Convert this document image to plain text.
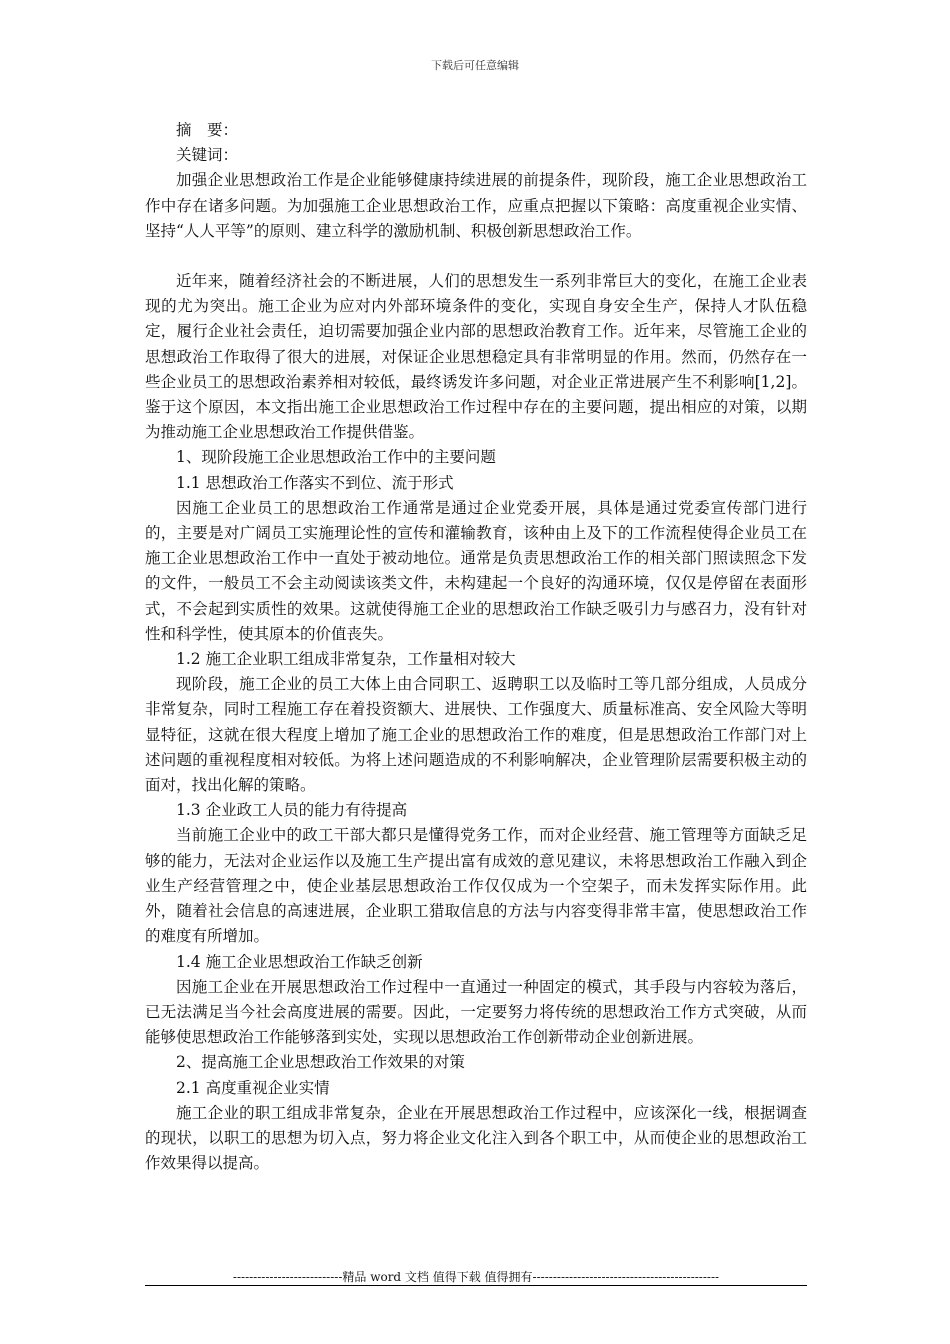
下载后可任意编辑

摘　要：

关键词：

加强企业思想政治工作是企业能够健康持续进展的前提条件，现阶段，施工企业思想政治工作中存在诸多问题。为加强施工企业思想政治工作，应重点把握以下策略：高度重视企业实情、坚持“人人平等”的原则、建立科学的激励机制、积极创新思想政治工作。

近年来，随着经济社会的不断进展，人们的思想发生一系列非常巨大的变化，在施工企业表现的尤为突出。施工企业为应对内外部环境条件的变化，实现自身安全生产，保持人才队伍稳定，履行企业社会责任，迫切需要加强企业内部的思想政治教育工作。近年来，尽管施工企业的思想政治工作取得了很大的进展，对保证企业思想稳定具有非常明显的作用。然而，仍然存在一些企业员工的思想政治素养相对较低，最终诱发许多问题，对企业正常进展产生不利影响[1,2]。鉴于这个原因，本文指出施工企业思想政治工作过程中存在的主要问题，提出相应的对策，以期为推动施工企业思想政治工作提供借鉴。

1、现阶段施工企业思想政治工作中的主要问题

1.1 思想政治工作落实不到位、流于形式

因施工企业员工的思想政治工作通常是通过企业党委开展，具体是通过党委宣传部门进行的，主要是对广阔员工实施理论性的宣传和灌输教育，该种由上及下的工作流程使得企业员工在施工企业思想政治工作中一直处于被动地位。通常是负责思想政治工作的相关部门照读照念下发的文件，一般员工不会主动阅读该类文件，未构建起一个良好的沟通环境，仅仅是停留在表面形式，不会起到实质性的效果。这就使得施工企业的思想政治工作缺乏吸引力与感召力，没有针对性和科学性，使其原本的价值丧失。

1.2 施工企业职工组成非常复杂，工作量相对较大

现阶段，施工企业的员工大体上由合同职工、返聘职工以及临时工等几部分组成，人员成分非常复杂，同时工程施工存在着投资额大、进展快、工作强度大、质量标准高、安全风险大等明显特征，这就在很大程度上增加了施工企业的思想政治工作的难度，但是思想政治工作部门对上述问题的重视程度相对较低。为将上述问题造成的不利影响解决，企业管理阶层需要积极主动的面对，找出化解的策略。

1.3 企业政工人员的能力有待提高

当前施工企业中的政工干部大都只是懂得党务工作，而对企业经营、施工管理等方面缺乏足够的能力，无法对企业运作以及施工生产提出富有成效的意见建议，未将思想政治工作融入到企业生产经营管理之中，使企业基层思想政治工作仅仅成为一个空架子，而未发挥实际作用。此外，随着社会信息的高速进展，企业职工猎取信息的方法与内容变得非常丰富，使思想政治工作的难度有所增加。

1.4 施工企业思想政治工作缺乏创新

因施工企业在开展思想政治工作过程中一直通过一种固定的模式，其手段与内容较为落后，已无法满足当今社会高度进展的需要。因此，一定要努力将传统的思想政治工作方式突破，从而能够使思想政治工作能够落到实处，实现以思想政治工作创新带动企业创新进展。

2、提高施工企业思想政治工作效果的对策

2.1 高度重视企业实情

施工企业的职工组成非常复杂，企业在开展思想政治工作过程中，应该深化一线，根据调查的现状，以职工的思想为切入点，努力将企业文化注入到各个职工中，从而使企业的思想政治工作效果得以提高。

---------------------------精品 word 文档 值得下载 值得拥有----------------------------------------------
